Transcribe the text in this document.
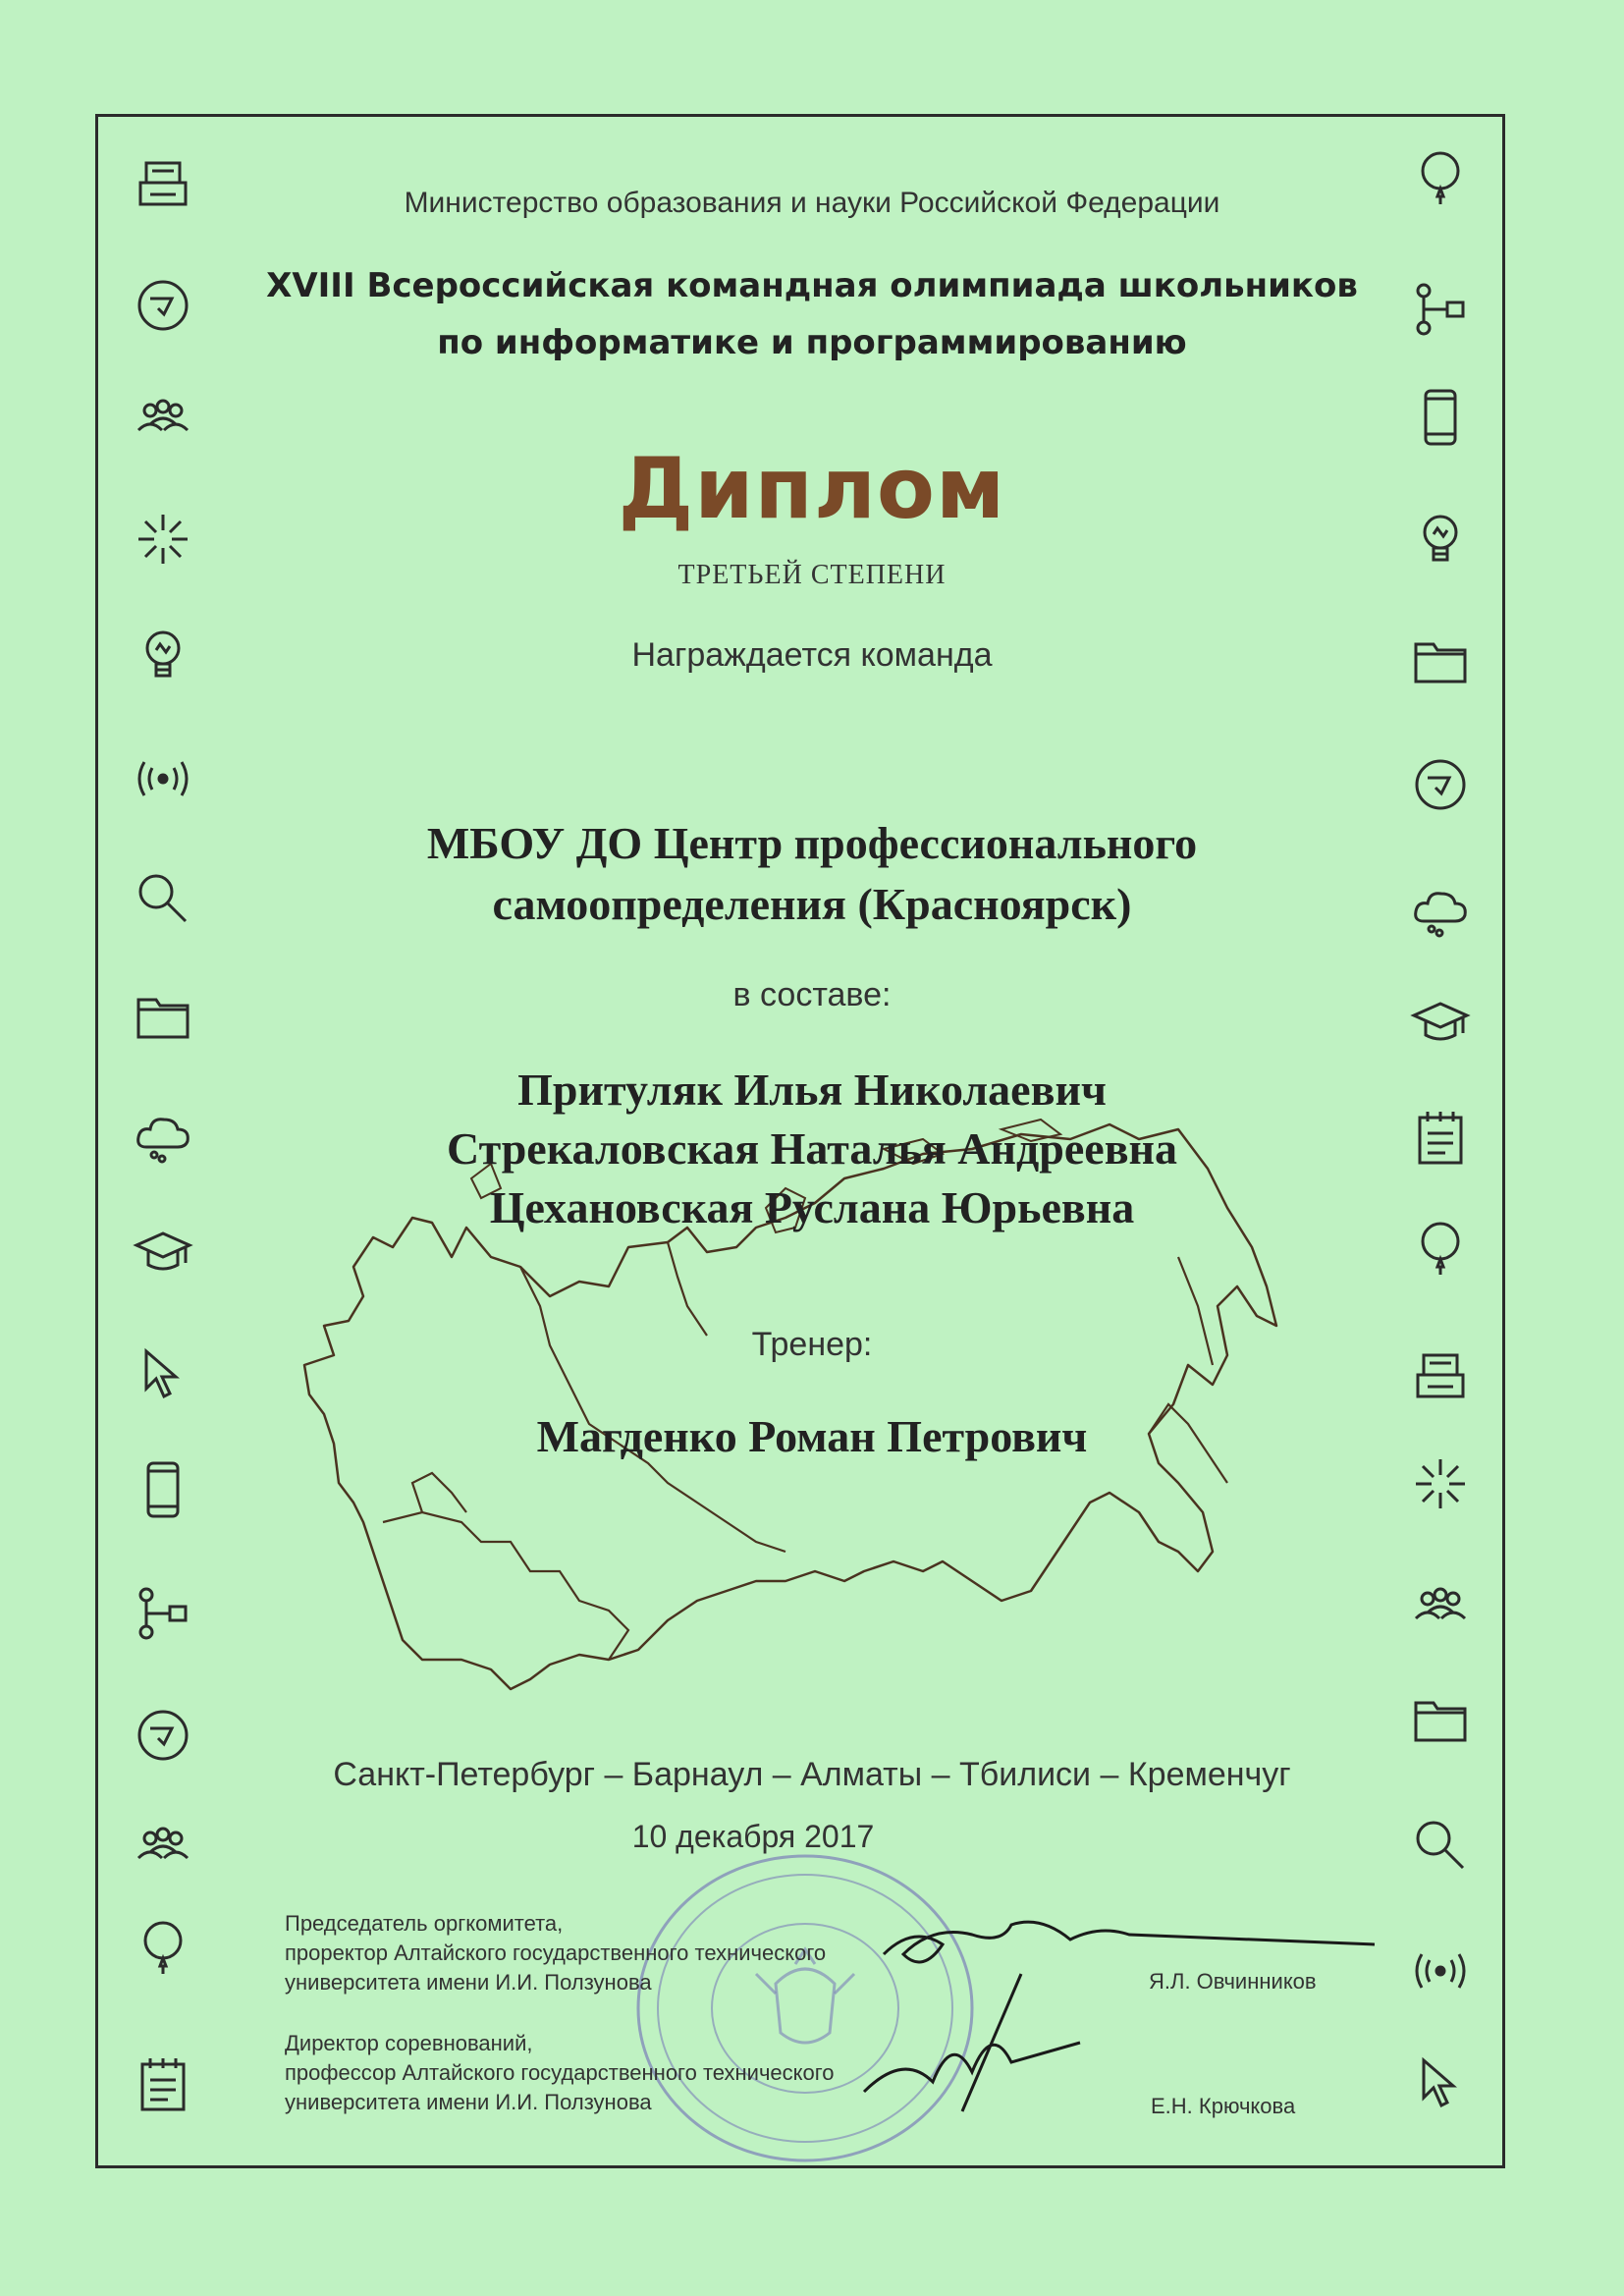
Министерство образования и науки Российской Федерации
XVIII Всероссийская командная олимпиада школьников
по информатике и программированию
Диплом
ТРЕТЬЕЙ СТЕПЕНИ
Награждается команда
МБОУ ДО Центр профессионального
самоопределения (Красноярск)
в составе:
Притуляк Илья Николаевич
Стрекаловская Наталья Андреевна
Цехановская Руслана Юрьевна
Тренер:
Магденко Роман Петрович
Санкт-Петербург – Барнаул – Алматы – Тбилиси – Кременчуг
10 декабря 2017
Председатель оргкомитета,
проректор Алтайского государственного технического
университета имени И.И. Ползунова	Я.Л. Овчинников
Директор соревнований,
профессор Алтайского государственного технического
университета имени И.И. Ползунова	Е.Н. Крючкова
